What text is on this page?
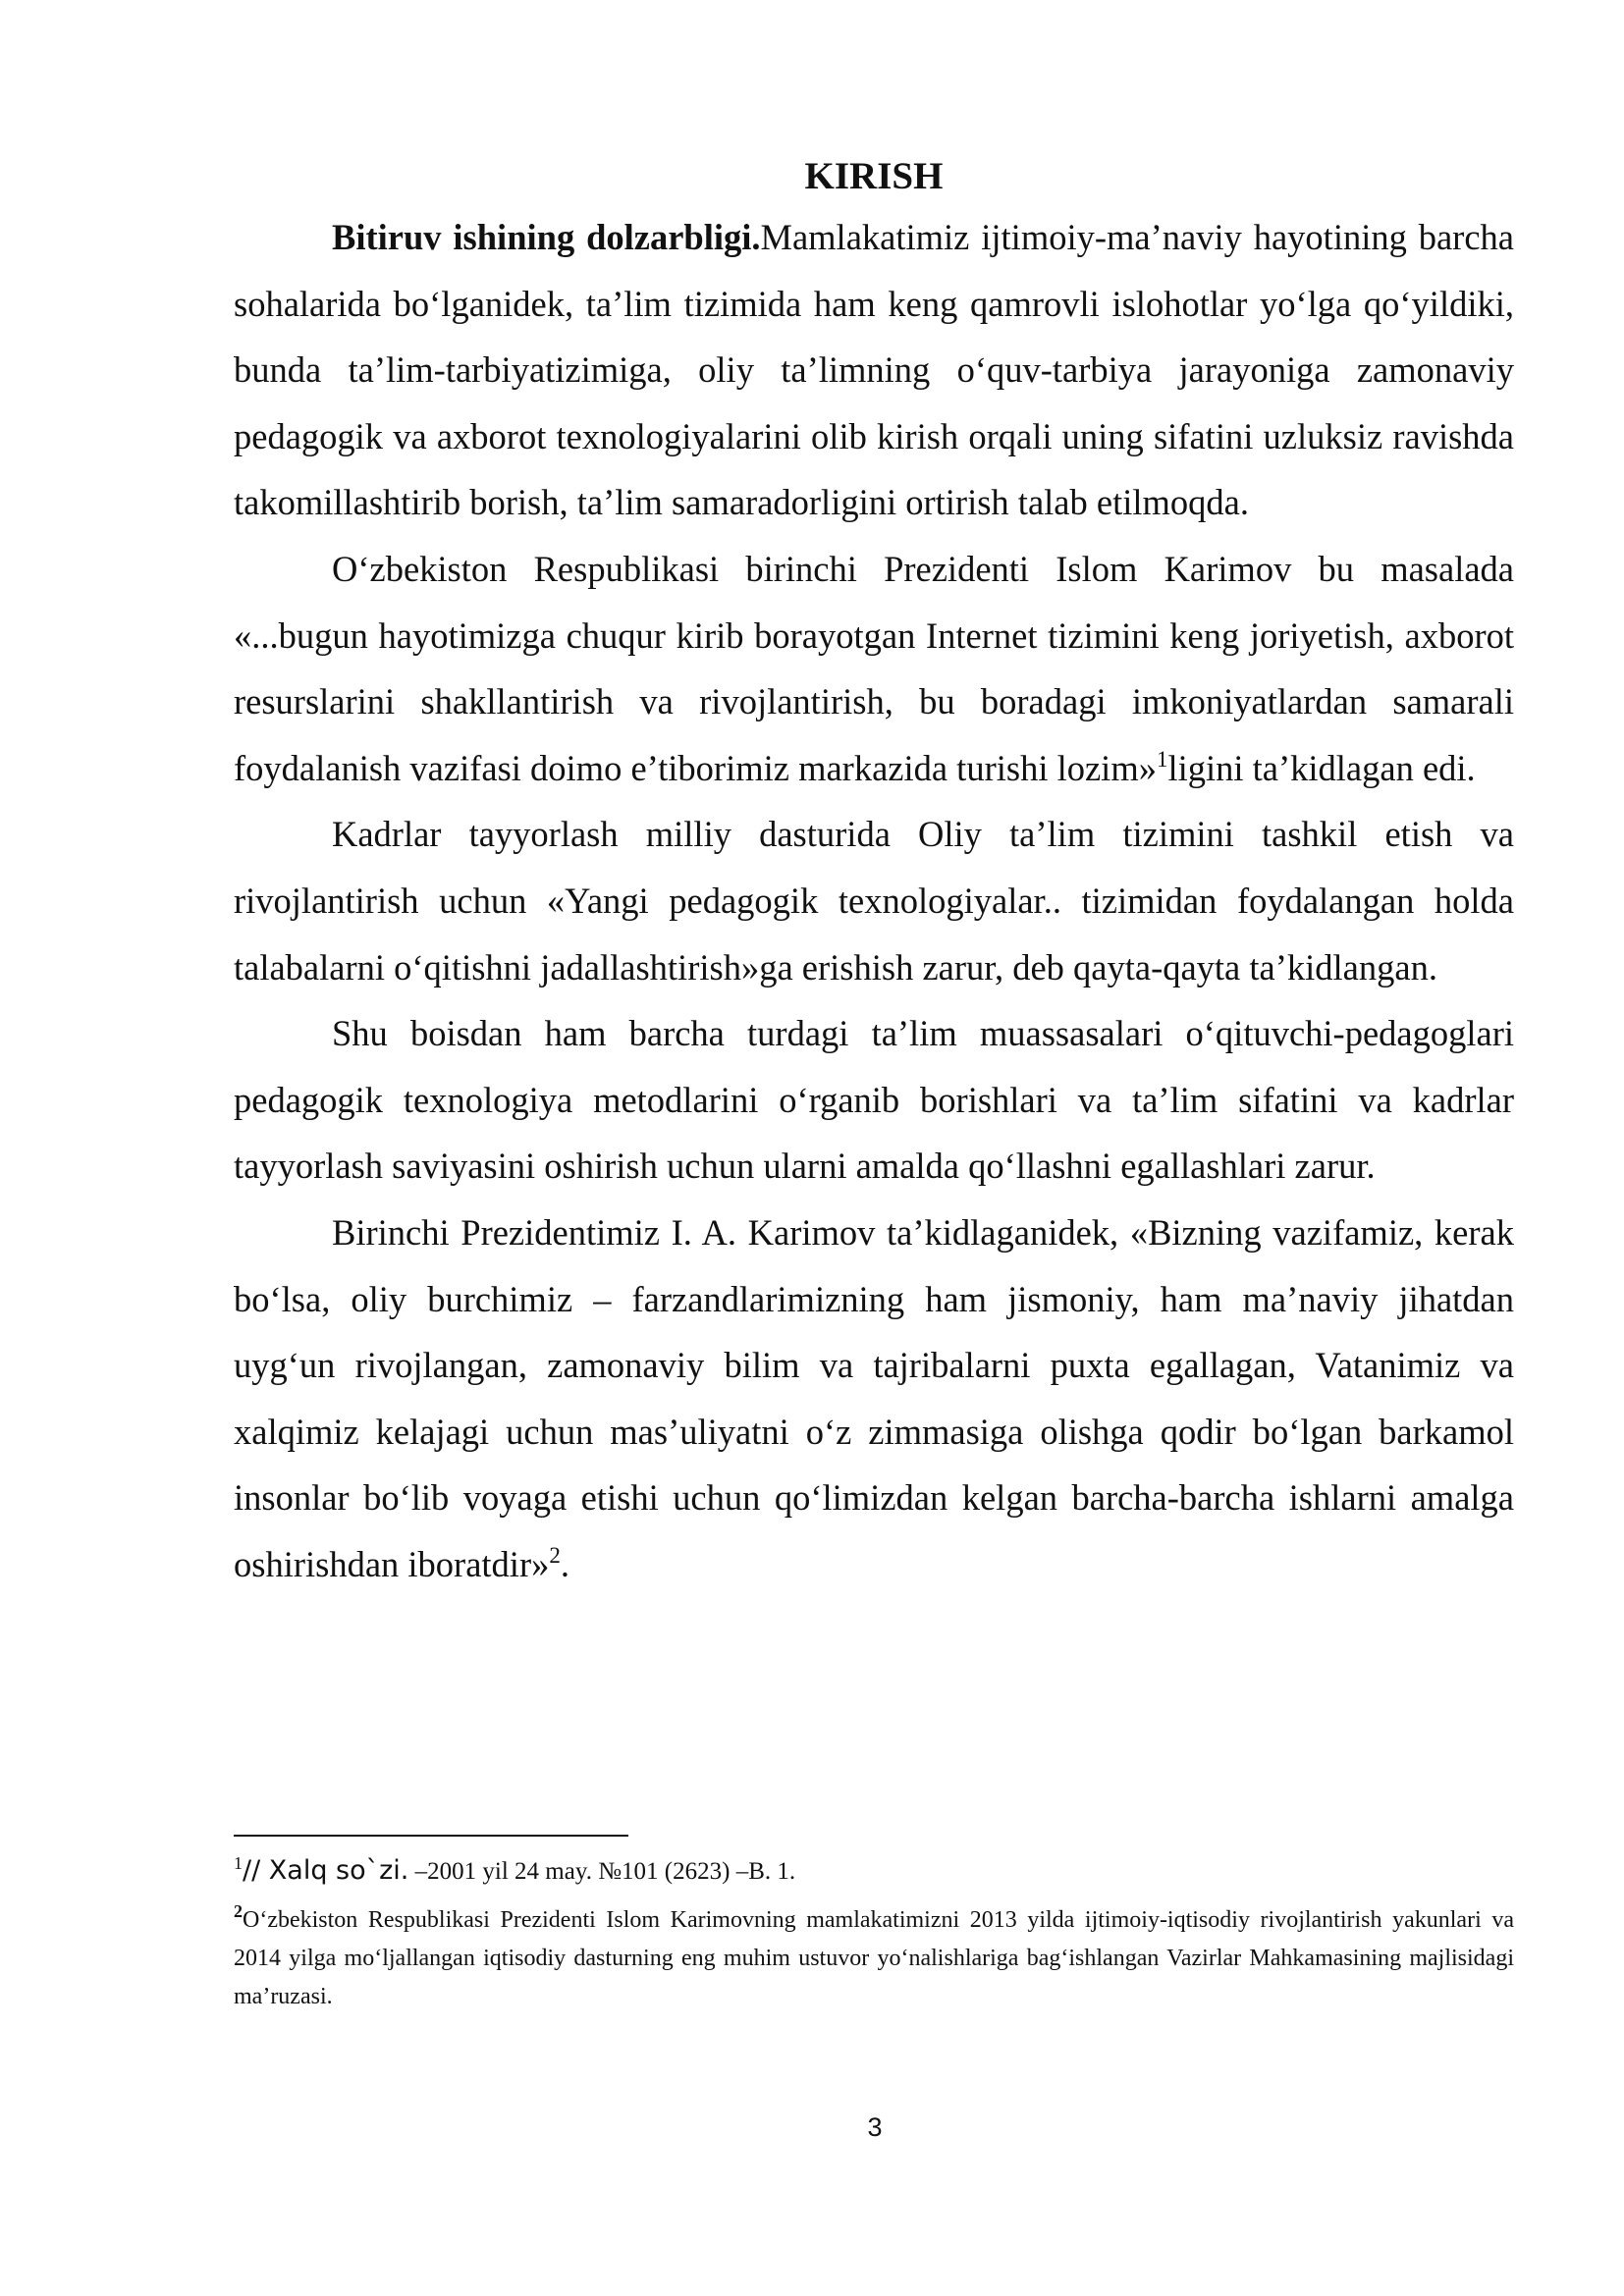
KIRISH

Bitiruv ishining dolzarbligi.Mamlakatimiz ijtimoiy-ma’naviy hayotining barcha sohalarida bo‘lganidek, ta’lim tizimida ham keng qamrovli islohotlar yo‘lga qo‘yildiki, bunda ta’lim-tarbiyatizimiga, oliy ta’limning o‘quv-tarbiya jarayoniga zamonaviy pedagogik va axborot texnologiyalarini olib kirish orqali uning sifatini uzluksiz ravishda takomillashtirib borish, ta’lim samaradorligini ortirish talab etilmoqda.

O‘zbekiston Respublikasi birinchi Prezidenti Islom Karimov bu masalada «...bugun hayotimizga chuqur kirib borayotgan Internet tizimini keng joriyetish, axborot resurslarini shakllantirish va rivojlantirish, bu boradagi imkoniyatlardan samarali foydalanish vazifasi doimo e’tiborimiz markazida turishi lozim»$^1$ligini ta’kidlagan edi.

Kadrlar tayyorlash milliy dasturida Oliy ta’lim tizimini tashkil etish va rivojlantirish uchun «Yangi pedagogik texnologiyalar.. tizimidan foydalangan holda talabalarni o‘qitishni jadallashtirish»ga erishish zarur, deb qayta-qayta ta’kidlangan.

Shu boisdan ham barcha turdagi ta’lim muassasalari o‘qituvchi-pedagoglari pedagogik texnologiya metodlarini o‘rganib borishlari va ta’lim sifatini va kadrlar tayyorlash saviyasini oshirish uchun ularni amalda qo‘llashni egallashlari zarur.

Birinchi Prezidentimiz I. A. Karimov ta’kidlaganidek, «Bizning vazifamiz, kerak bo‘lsa, oliy burchimiz – farzandlarimizning ham jismoniy, ham ma’naviy jihatdan uyg‘un rivojlangan, zamonaviy bilim va tajribalarni puxta egallagan, Vatanimiz va xalqimiz kelajagi uchun mas’uliyatni o‘z zimmasiga olishga qodir bo‘lgan barkamol insonlar bo‘lib voyaga etishi uchun qo‘limizdan kelgan barcha-barcha ishlarni amalga oshirishdan iboratdir»$^2$.

$^1$// Xalq so`zi. –2001 yil 24 may. №101 (2623) –B. 1.

$^2$O‘zbekiston Respublikasi Prezidenti Islom Karimovning mamlakatimizni 2013 yilda ijtimoiy-iqtisodiy rivojlantirish yakunlari va 2014 yilga mo‘ljallangan iqtisodiy dasturning eng muhim ustuvor yo‘nalishlariga bag‘ishlangan Vazirlar Mahkamasining majlisidagi ma’ruzasi.

3
